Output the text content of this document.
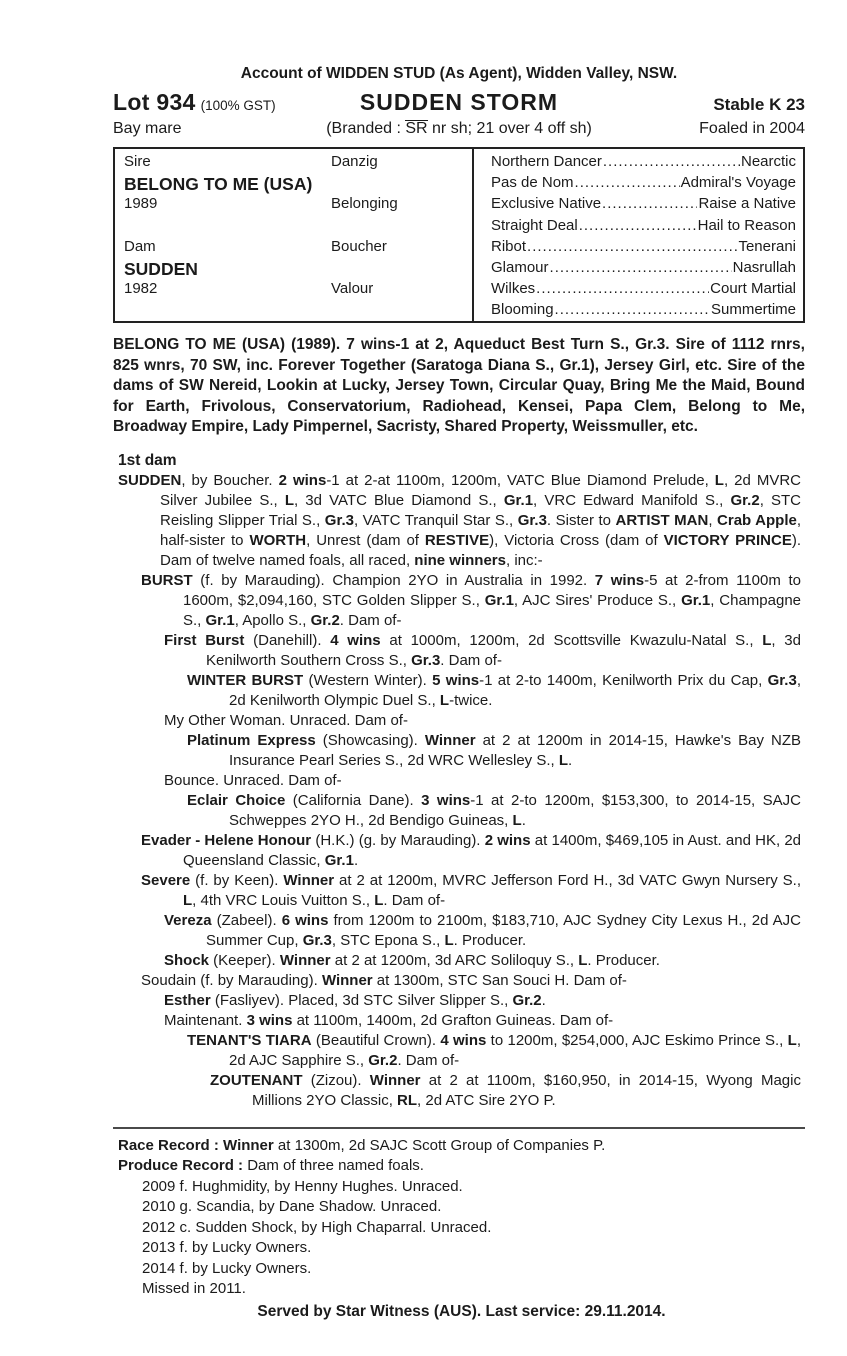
Account of WIDDEN STUD (As Agent), Widden Valley, NSW.
Lot 934 (100% GST)	SUDDEN STORM	Stable K 23
Bay mare	(Branded : SR nr sh; 21 over 4 off sh)	Foaled in 2004
Sire	Danzig
BELONG TO ME (USA)
1989	Belonging
Dam	Boucher
SUDDEN
1982	Valour
Northern Dancer .....	Nearctic
Pas de Nom .....	Admiral's Voyage
Exclusive Native .....	Raise a Native
Straight Deal .....	Hail to Reason
Ribot .....	Tenerani
Glamour .....	Nasrullah
Wilkes .....	Court Martial
Blooming .....	Summertime
BELONG TO ME (USA) (1989). 7 wins-1 at 2, Aqueduct Best Turn S., Gr.3. Sire of 1112 rnrs, 825 wnrs, 70 SW, inc. Forever Together (Saratoga Diana S., Gr.1), Jersey Girl, etc. Sire of the dams of SW Nereid, Lookin at Lucky, Jersey Town, Circular Quay, Bring Me the Maid, Bound for Earth, Frivolous, Conservatorium, Radiohead, Kensei, Papa Clem, Belong to Me, Broadway Empire, Lady Pimpernel, Sacristy, Shared Property, Weissmuller, etc.
1st dam
SUDDEN, by Boucher. 2 wins-1 at 2-at 1100m, 1200m, VATC Blue Diamond Prelude, L, 2d MVRC Silver Jubilee S., L, 3d VATC Blue Diamond S., Gr.1, VRC Edward Manifold S., Gr.2, STC Reisling Slipper Trial S., Gr.3, VATC Tranquil Star S., Gr.3. Sister to ARTIST MAN, Crab Apple, half-sister to WORTH, Unrest (dam of RESTIVE), Victoria Cross (dam of VICTORY PRINCE). Dam of twelve named foals, all raced, nine winners, inc:-
BURST (f. by Marauding). Champion 2YO in Australia in 1992. 7 wins-5 at 2-from 1100m to 1600m, $2,094,160, STC Golden Slipper S., Gr.1, AJC Sires' Produce S., Gr.1, Champagne S., Gr.1, Apollo S., Gr.2. Dam of-
First Burst (Danehill). 4 wins at 1000m, 1200m, 2d Scottsville Kwazulu-Natal S., L, 3d Kenilworth Southern Cross S., Gr.3. Dam of-
WINTER BURST (Western Winter). 5 wins-1 at 2-to 1400m, Kenilworth Prix du Cap, Gr.3, 2d Kenilworth Olympic Duel S., L-twice.
My Other Woman. Unraced. Dam of-
Platinum Express (Showcasing). Winner at 2 at 1200m in 2014-15, Hawke's Bay NZB Insurance Pearl Series S., 2d WRC Wellesley S., L.
Bounce. Unraced. Dam of-
Eclair Choice (California Dane). 3 wins-1 at 2-to 1200m, $153,300, to 2014-15, SAJC Schweppes 2YO H., 2d Bendigo Guineas, L.
Evader - Helene Honour (H.K.) (g. by Marauding). 2 wins at 1400m, $469,105 in Aust. and HK, 2d Queensland Classic, Gr.1.
Severe (f. by Keen). Winner at 2 at 1200m, MVRC Jefferson Ford H., 3d VATC Gwyn Nursery S., L, 4th VRC Louis Vuitton S., L. Dam of-
Vereza (Zabeel). 6 wins from 1200m to 2100m, $183,710, AJC Sydney City Lexus H., 2d AJC Summer Cup, Gr.3, STC Epona S., L. Producer.
Shock (Keeper). Winner at 2 at 1200m, 3d ARC Soliloquy S., L. Producer.
Soudain (f. by Marauding). Winner at 1300m, STC San Souci H. Dam of-
Esther (Fasliyev). Placed, 3d STC Silver Slipper S., Gr.2.
Maintenant. 3 wins at 1100m, 1400m, 2d Grafton Guineas. Dam of-
TENANT'S TIARA (Beautiful Crown). 4 wins to 1200m, $254,000, AJC Eskimo Prince S., L, 2d AJC Sapphire S., Gr.2. Dam of-
ZOUTENANT (Zizou). Winner at 2 at 1100m, $160,950, in 2014-15, Wyong Magic Millions 2YO Classic, RL, 2d ATC Sire 2YO P.
Race Record : Winner at 1300m, 2d SAJC Scott Group of Companies P.
Produce Record : Dam of three named foals.
2009 f. Hughmidity, by Henny Hughes. Unraced.
2010 g. Scandia, by Dane Shadow. Unraced.
2012 c. Sudden Shock, by High Chaparral. Unraced.
2013 f. by Lucky Owners.
2014 f. by Lucky Owners.
Missed in 2011.
Served by Star Witness (AUS). Last service: 29.11.2014.
